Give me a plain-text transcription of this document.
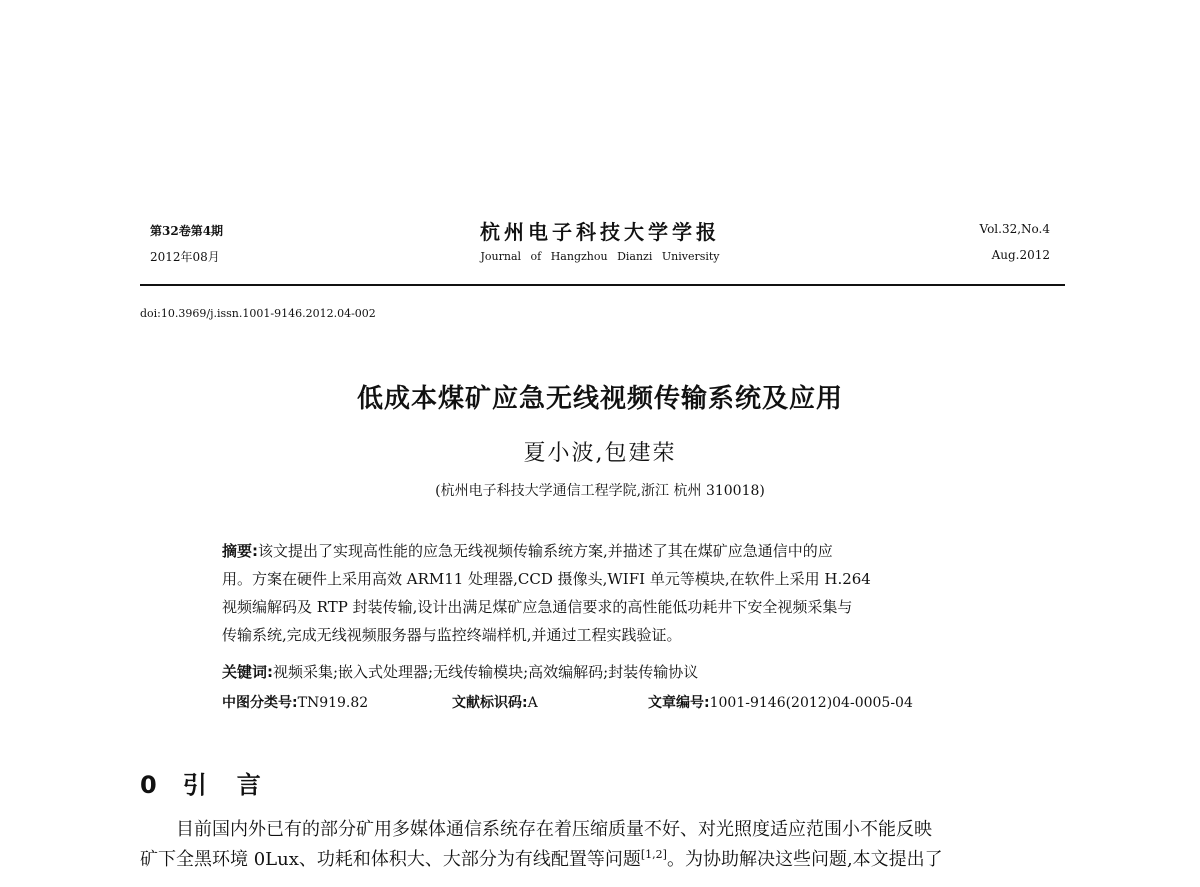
第32卷第4期
2012年08月
杭州电子科技大学学报
Journal of Hangzhou Dianzi University
Vol.32,No.4
Aug.2012
doi:10.3969/j.issn.1001-9146.2012.04-002
低成本煤矿应急无线视频传输系统及应用
夏小波,包建荣
(杭州电子科技大学通信工程学院,浙江 杭州 310018)
摘要:该文提出了实现高性能的应急无线视频传输系统方案,并描述了其在煤矿应急通信中的应
用。方案在硬件上采用高效 ARM11 处理器,CCD 摄像头,WIFI 单元等模块,在软件上采用 H.264
视频编解码及 RTP 封装传输,设计出满足煤矿应急通信要求的高性能低功耗井下安全视频采集与
传输系统,完成无线视频服务器与监控终端样机,并通过工程实践验证。
关键词:视频采集;嵌入式处理器;无线传输模块;高效编解码;封装传输协议
中图分类号:TN919.82	文献标识码:A	文章编号:1001-9146(2012)04-0005-04
0 引言

目前国内外已有的部分矿用多媒体通信系统存在着压缩质量不好、对光照度适应范围小不能反映

矿下全黑环境 0Lux、功耗和体积大、大部分为有线配置等问题[1,2]。为协助解决这些问题,本文提出了
